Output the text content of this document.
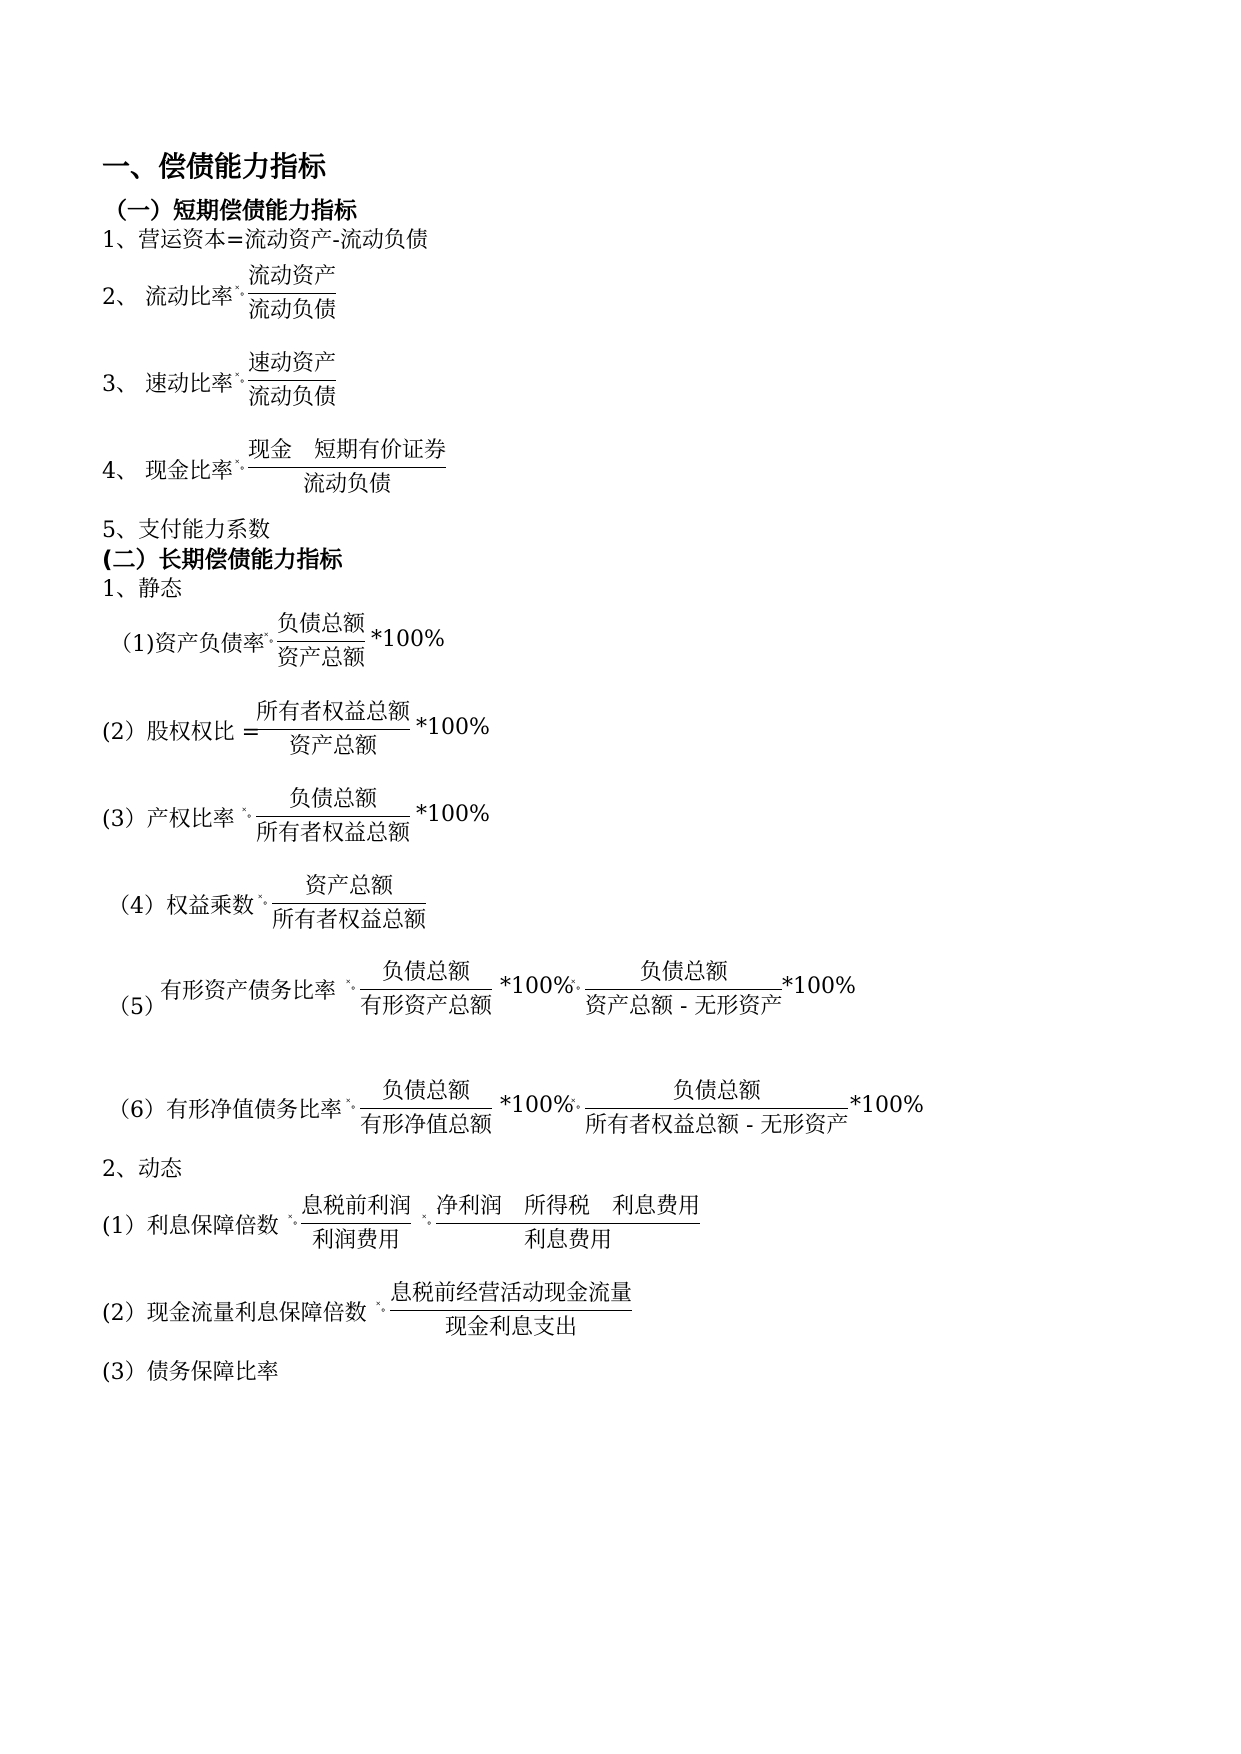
一、偿债能力指标
（一）短期偿债能力指标
1、营运资本=流动资产-流动负债
2、 流动比率 ˟˳
流动资产
流动负债
3、 速动比率 ˟˳
速动资产
流动负债
4、 现金比率 ˟˳
现金　短期有价证券
流动负债
5、支付能力系数
(二）长期偿债能力指标
1、静态
（1)资产负债率 ˟˳ 负债总额
资产总额
*100%
(2）股权权比 =
所有者权益总额
资产总额
*100%
(3）产权比率 ˟˳ 负债总额
所有者权益总额
*100%
（4）权益乘数 ˟˳ 资产总额
所有者权益总额
（5）
有形资产债务比率 ˟˳ 负债总额
有形资产总额
*100%
˟˳	负债总额
资产总额 - 无形资产
*100%
（6）有形净值债务比率 ˟˳ 负债总额
有形净值总额
*100%
˟˳	负债总额
所有者权益总额 - 无形资产
*100%
2、动态
(1）利息保障倍数 ˟˳ 息税前利润
利润费用
˟˳ 净利润　所得税　利息费用
利息费用
(2）现金流量利息保障倍数 ˟˳ 息税前经营活动现金流量
现金利息支出
(3）债务保障比率
